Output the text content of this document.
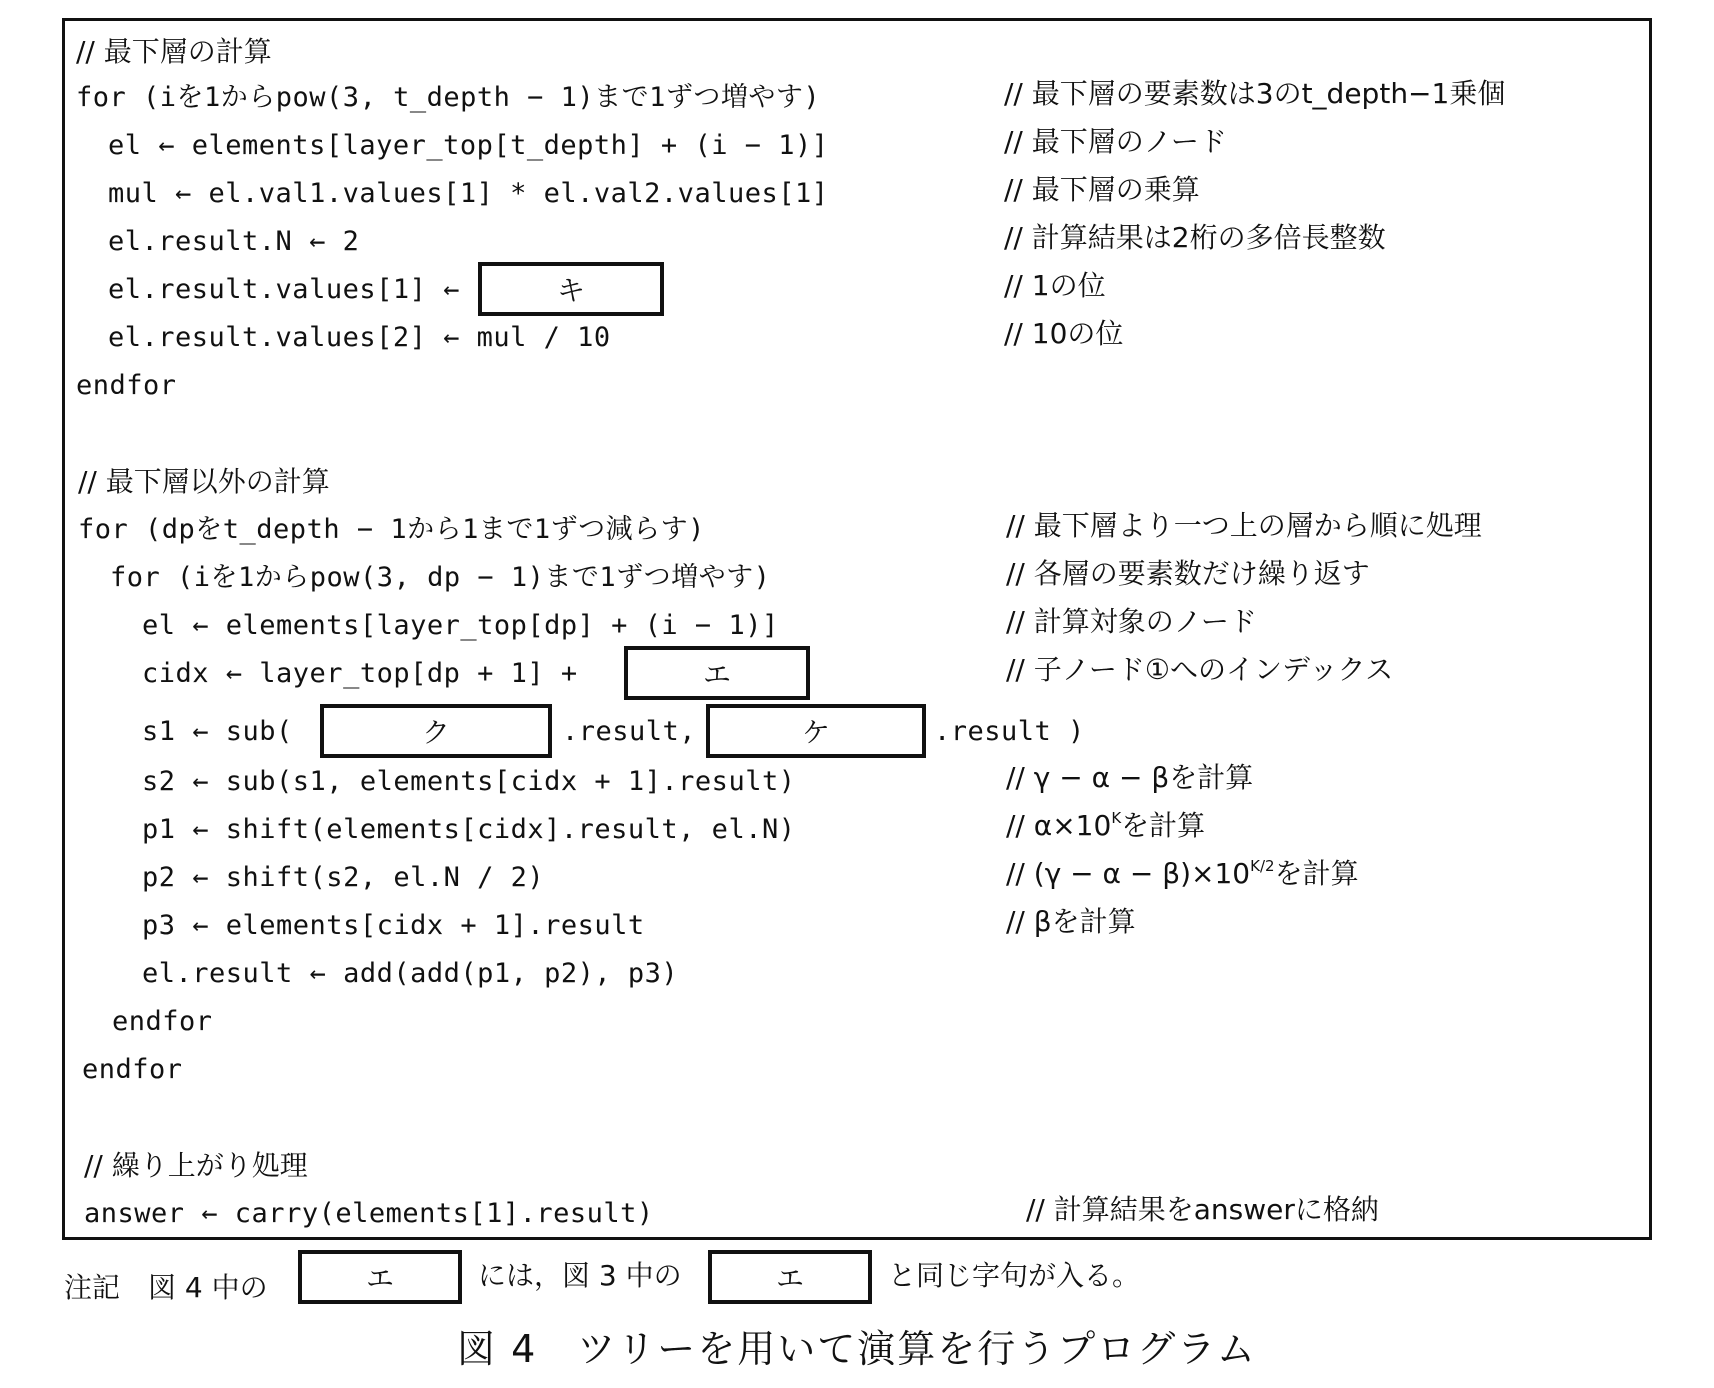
// 最下層の計算
for (iを1からpow(3, t_depth − 1)まで1ずつ増やす)	// 最下層の要素数は3のt_depth−1乗個
el ← elements[layer_top[t_depth] + (i − 1)]	// 最下層のノード
mul ← el.val1.values[1] * el.val2.values[1]	// 最下層の乗算
el.result.N ← 2	// 計算結果は2桁の多倍長整数
el.result.values[1] ←	キ	// 1の位
el.result.values[2] ← mul / 10	// 10の位
endfor
// 最下層以外の計算
for (dpをt_depth − 1から1まで1ずつ減らす)	// 最下層より一つ上の層から順に処理
for (iを1からpow(3, dp − 1)まで1ずつ増やす)	// 各層の要素数だけ繰り返す
el ← elements[layer_top[dp] + (i − 1)]	// 計算対象のノード
cidx ← layer_top[dp + 1] +	エ	// 子ノード①へのインデックス
s1 ← sub(	ク	.result,	ケ	.result )
s2 ← sub(s1, elements[cidx + 1].result)	// γ − α − βを計算
p1 ← shift(elements[cidx].result, el.N)	// $\alpha\times 10^K$を計算
p2 ← shift(s2, el.N / 2)	// $(\gamma - \alpha - \beta)\times 10^{K/2}$を計算
p3 ← elements[cidx + 1].result	// βを計算
el.result ← add(add(p1, p2), p3)
endfor
endfor
// 繰り上がり処理
answer ← carry(elements[1].result)	// 計算結果をanswerに格納
注記　図 4 中の	エ	には，図 3 中の	エ	と同じ字句が入る。
図 4　ツリーを用いて演算を行うプログラム
